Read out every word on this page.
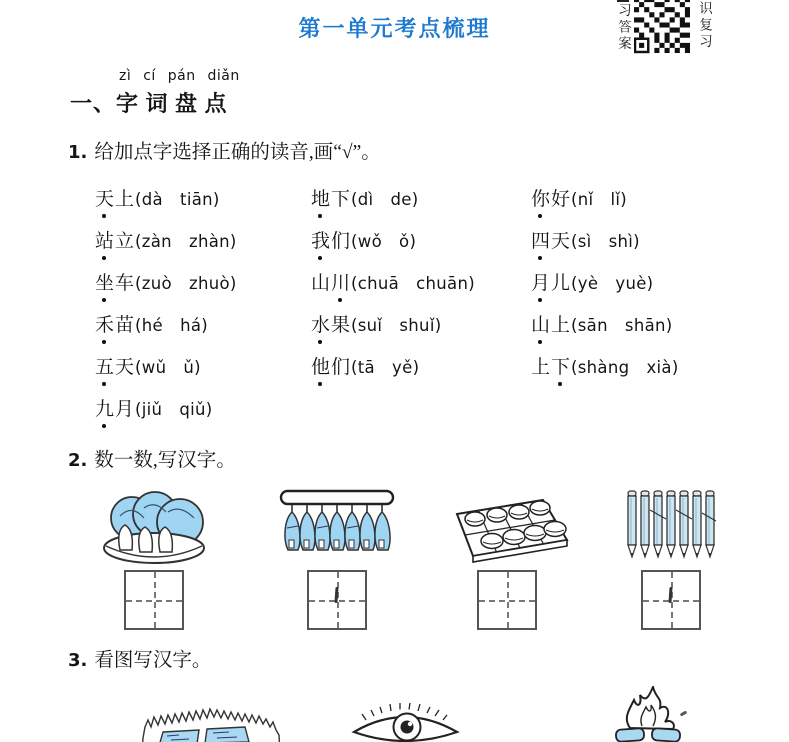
第一单元考点梳理	习答案	识复习
zì cí pán diǎn
一、字 词 盘 点
1. 给加点字选择正确的读音,画“√”。
天上 (dà  tiān)	地下 (dì  de)	你好 (nǐ  lǐ)
站立 (zàn  zhàn)	我们 (wǒ  ǒ)	四天 (sì  shì)
坐车 (zuò  zhuò)	山川 (chuā  chuān)	月儿 (yè  yuè)
禾苗 (hé  há)	水果 (suǐ  shuǐ)	山上 (sān  shān)
五天 (wǔ  ǔ)	他们 (tā  yě)	上下 (shàng  xià)
九月 (jiǔ  qiǔ)
2. 数一数,写汉字。
3. 看图写汉字。
